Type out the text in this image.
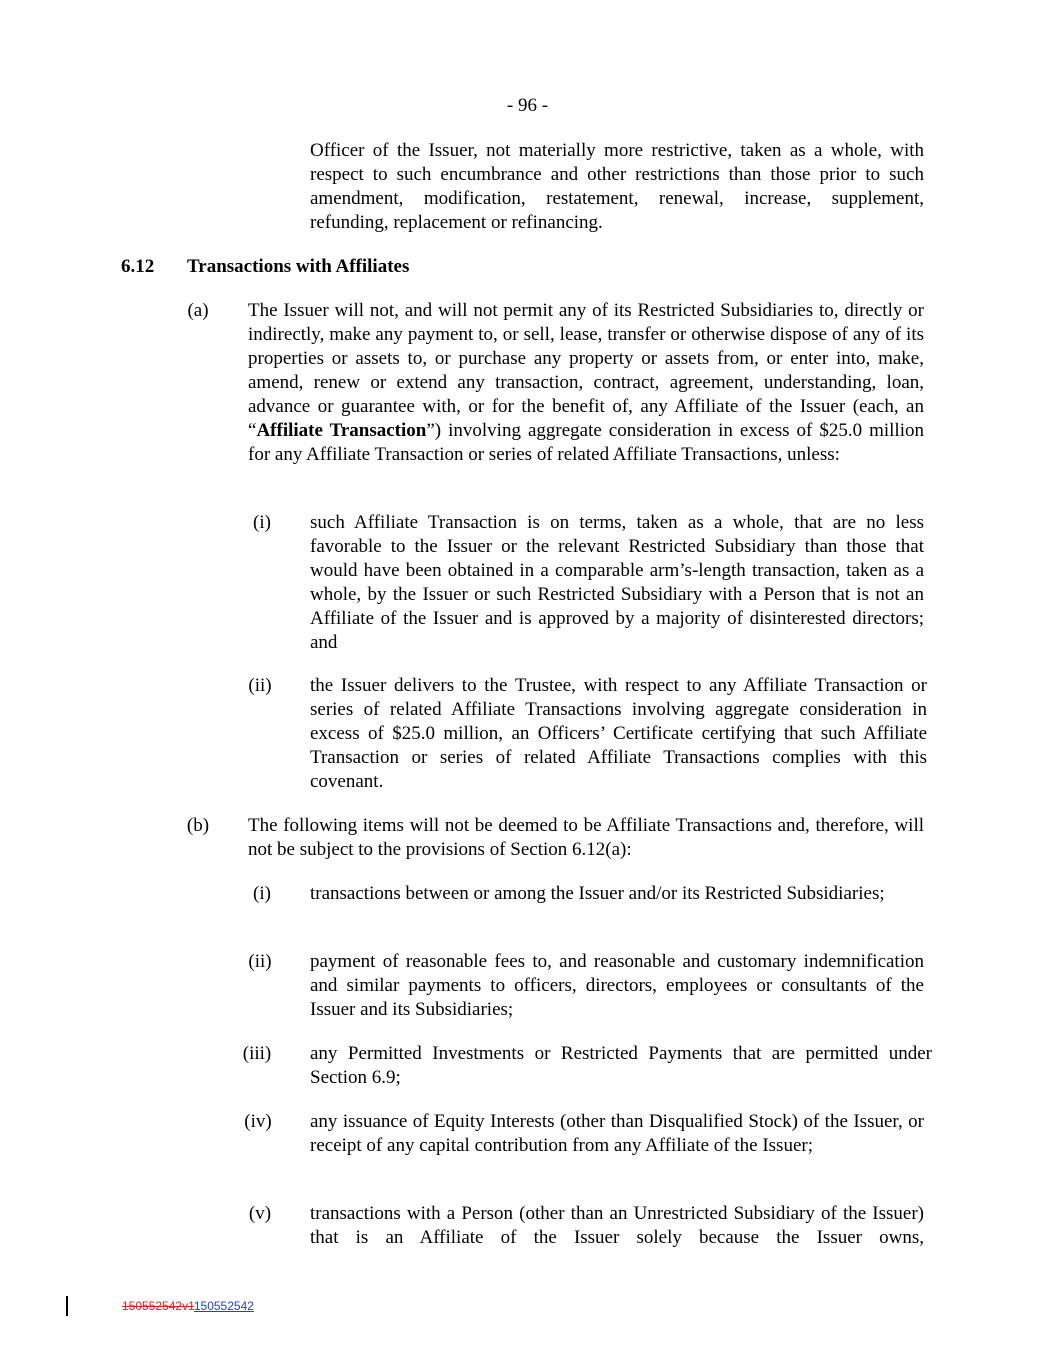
- 96 -
Officer of the Issuer, not materially more restrictive, taken as a whole, with respect to such encumbrance and other restrictions than those prior to such amendment, modification, restatement, renewal, increase, supplement, refunding, replacement or refinancing.
6.12 Transactions with Affiliates
(a)	The Issuer will not, and will not permit any of its Restricted Subsidiaries to, directly or indirectly, make any payment to, or sell, lease, transfer or otherwise dispose of any of its properties or assets to, or purchase any property or assets from, or enter into, make, amend, renew or extend any transaction, contract, agreement, understanding, loan, advance or guarantee with, or for the benefit of, any Affiliate of the Issuer (each, an “Affiliate Transaction”) involving aggregate consideration in excess of $25.0 million for any Affiliate Transaction or series of related Affiliate Transactions, unless:
(i)	such Affiliate Transaction is on terms, taken as a whole, that are no less favorable to the Issuer or the relevant Restricted Subsidiary than those that would have been obtained in a comparable arm’s-length transaction, taken as a whole, by the Issuer or such Restricted Subsidiary with a Person that is not an Affiliate of the Issuer and is approved by a majority of disinterested directors; and
(ii)	the Issuer delivers to the Trustee, with respect to any Affiliate Transaction or series of related Affiliate Transactions involving aggregate consideration in excess of $25.0 million, an Officers’ Certificate certifying that such Affiliate Transaction or series of related Affiliate Transactions complies with this covenant.
(b)	The following items will not be deemed to be Affiliate Transactions and, therefore, will not be subject to the provisions of Section 6.12(a):
(i)	transactions between or among the Issuer and/or its Restricted Subsidiaries;
(ii)	payment of reasonable fees to, and reasonable and customary indemnification and similar payments to officers, directors, employees or consultants of the Issuer and its Subsidiaries;
(iii)	any Permitted Investments or Restricted Payments that are permitted under Section 6.9;
(iv)	any issuance of Equity Interests (other than Disqualified Stock) of the Issuer, or receipt of any capital contribution from any Affiliate of the Issuer;
(v)	transactions with a Person (other than an Unrestricted Subsidiary of the Issuer) that is an Affiliate of the Issuer solely because the Issuer owns,
150552542v1150552542
